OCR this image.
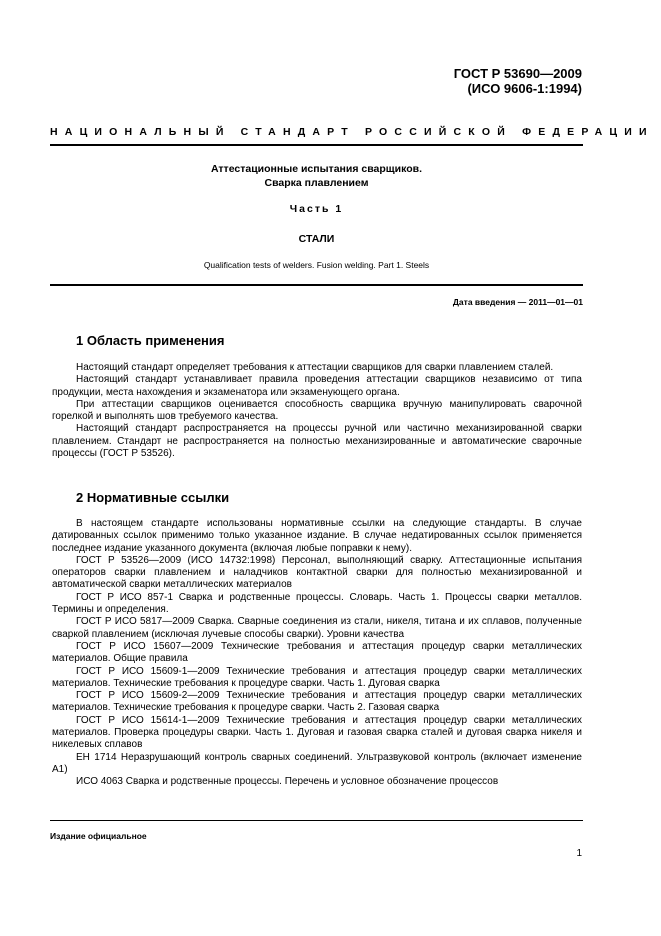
ГОСТ Р 53690—2009
(ИСО 9606-1:1994)
НАЦИОНАЛЬНЫЙ СТАНДАРТ РОССИЙСКОЙ ФЕДЕРАЦИИ
Аттестационные испытания сварщиков.
Сварка плавлением
Часть 1
СТАЛИ
Qualification tests of welders. Fusion welding. Part 1. Steels
Дата введения — 2011—01—01
1 Область применения

Настоящий стандарт определяет требования к аттестации сварщиков для сварки плавлением сталей.

Настоящий стандарт устанавливает правила проведения аттестации сварщиков независимо от типа продукции, места нахождения и экзаменатора или экзаменующего органа.

При аттестации сварщиков оценивается способность сварщика вручную манипулировать сварочной горелкой и выполнять шов требуемого качества.

Настоящий стандарт распространяется на процессы ручной или частично механизированной сварки плавлением. Стандарт не распространяется на полностью механизированные и автоматические сварочные процессы (ГОСТ Р 53526).

2 Нормативные ссылки

В настоящем стандарте использованы нормативные ссылки на следующие стандарты. В случае датированных ссылок применимо только указанное издание. В случае недатированных ссылок применяется последнее издание указанного документа (включая любые поправки к нему).

ГОСТ Р 53526—2009 (ИСО 14732:1998) Персонал, выполняющий сварку. Аттестационные испытания операторов сварки плавлением и наладчиков контактной сварки для полностью механизированной и автоматической сварки металлических материалов

ГОСТ Р ИСО 857-1 Сварка и родственные процессы. Словарь. Часть 1. Процессы сварки металлов. Термины и определения.

ГОСТ Р ИСО 5817—2009 Сварка. Сварные соединения из стали, никеля, титана и их сплавов, полученные сваркой плавлением (исключая лучевые способы сварки). Уровни качества

ГОСТ Р ИСО 15607—2009 Технические требования и аттестация процедур сварки металлических материалов. Общие правила

ГОСТ Р ИСО 15609-1—2009 Технические требования и аттестация процедур сварки металлических материалов. Технические требования к процедуре сварки. Часть 1. Дуговая сварка

ГОСТ Р ИСО 15609-2—2009 Технические требования и аттестация процедур сварки металлических материалов. Технические требования к процедуре сварки. Часть 2. Газовая сварка

ГОСТ Р ИСО 15614-1—2009 Технические требования и аттестация процедур сварки металлических материалов. Проверка процедуры сварки. Часть 1. Дуговая и газовая сварка сталей и дуговая сварка никеля и никелевых сплавов

ЕН 1714 Неразрушающий контроль сварных соединений. Ультразвуковой контроль (включает изменение А1)

ИСО 4063 Сварка и родственные процессы. Перечень и условное обозначение процессов

Издание официальное
1
